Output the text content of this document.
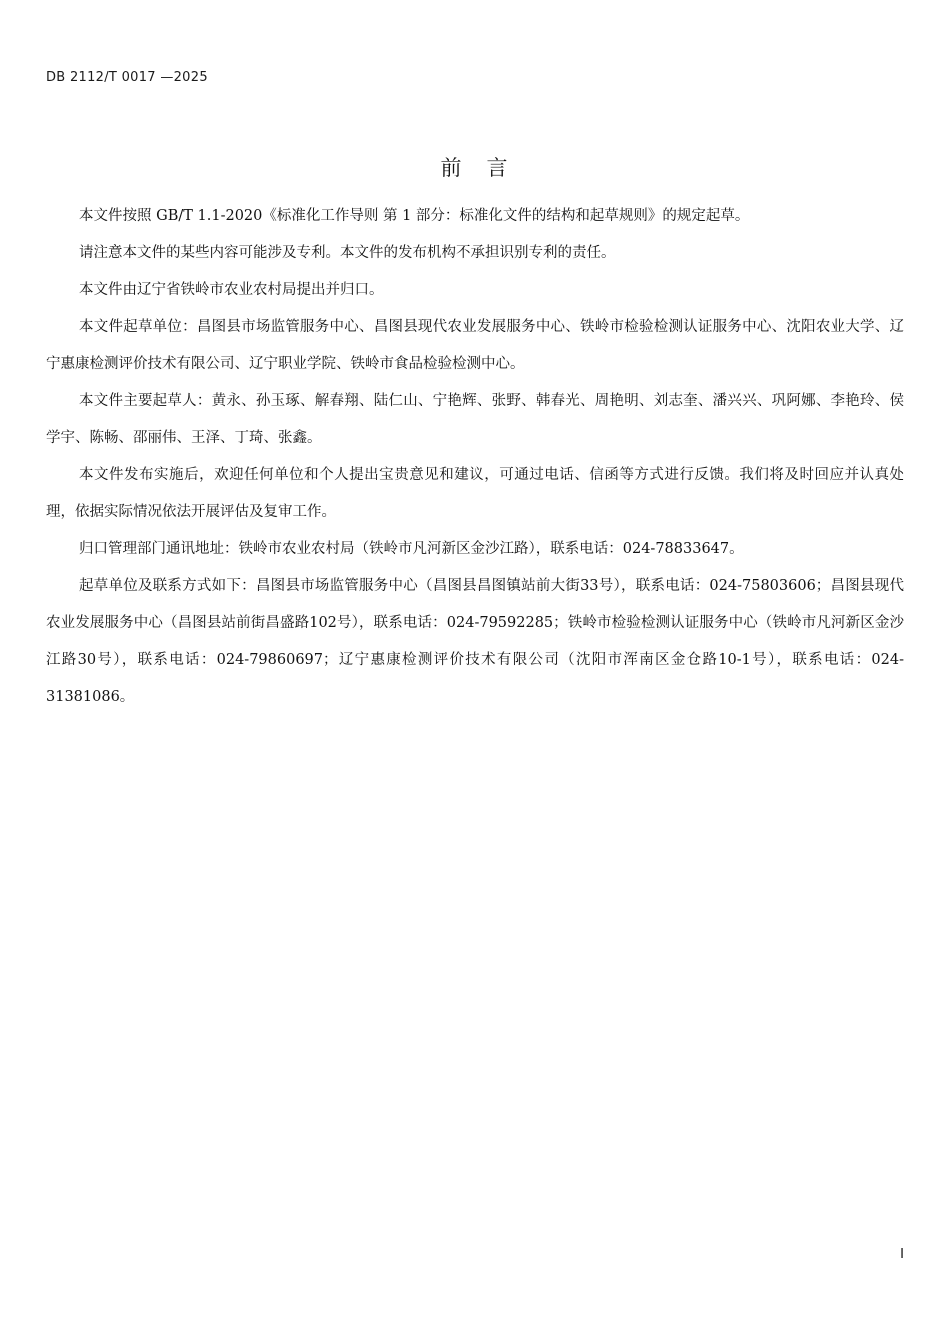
DB 2112/T 0017 —2025
前　言

本文件按照 GB/T 1.1-2020《标准化工作导则 第 1 部分：标准化文件的结构和起草规则》的规定起草。

请注意本文件的某些内容可能涉及专利。本文件的发布机构不承担识别专利的责任。

本文件由辽宁省铁岭市农业农村局提出并归口。

本文件起草单位：昌图县市场监管服务中心、昌图县现代农业发展服务中心、铁岭市检验检测认证服务中心、沈阳农业大学、辽宁惠康检测评价技术有限公司、辽宁职业学院、铁岭市食品检验检测中心。

本文件主要起草人：黄永、孙玉琢、解春翔、陆仁山、宁艳辉、张野、韩春光、周艳明、刘志奎、潘兴兴、巩阿娜、李艳玲、侯学宇、陈畅、邵丽伟、王泽、丁琦、张鑫。

本文件发布实施后，欢迎任何单位和个人提出宝贵意见和建议，可通过电话、信函等方式进行反馈。我们将及时回应并认真处理，依据实际情况依法开展评估及复审工作。

归口管理部门通讯地址：铁岭市农业农村局（铁岭市凡河新区金沙江路），联系电话：024-78833647。

起草单位及联系方式如下：昌图县市场监管服务中心（昌图县昌图镇站前大街33号），联系电话：024-75803606；昌图县现代农业发展服务中心（昌图县站前街昌盛路102号），联系电话：024-79592285；铁岭市检验检测认证服务中心（铁岭市凡河新区金沙江路30号），联系电话：024-79860697；辽宁惠康检测评价技术有限公司（沈阳市浑南区金仓路10-1号），联系电话：024-31381086。

I
